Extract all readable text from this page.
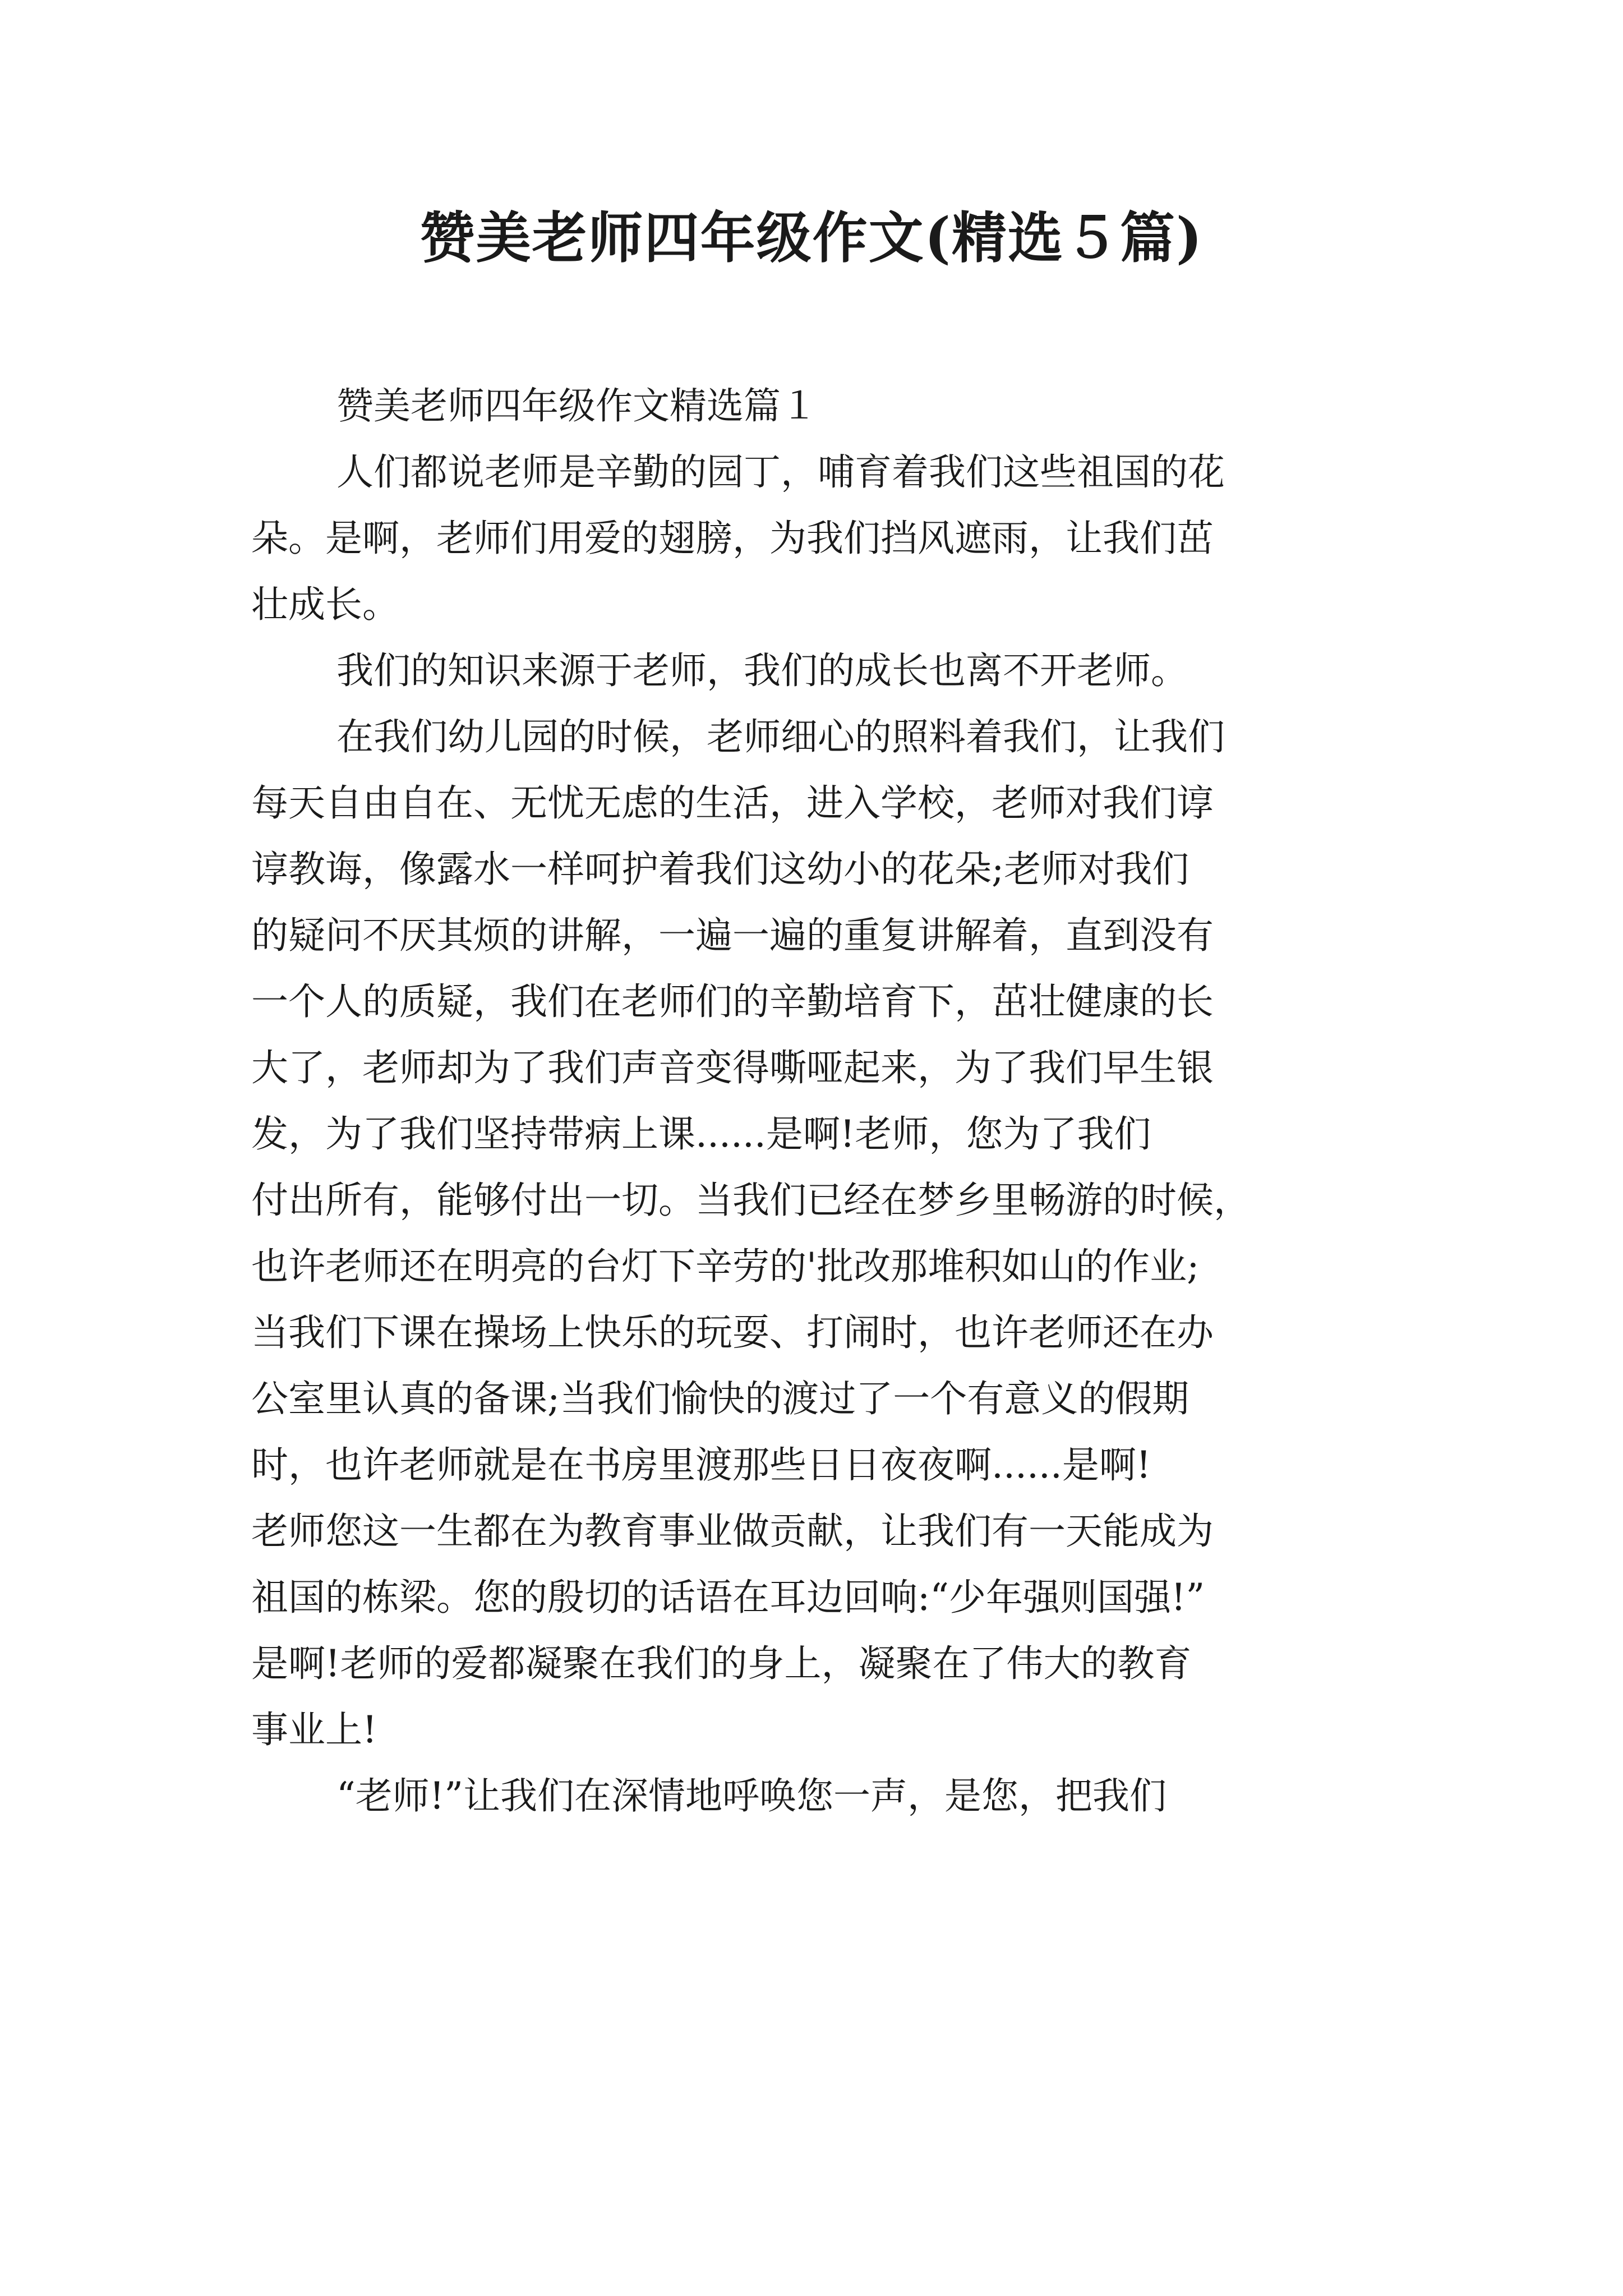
赞美老师四年级作文(精选５篇)

赞美老师四年级作文精选篇１

人们都说老师是辛勤的园丁，哺育着我们这些祖国的花
朵。是啊，老师们用爱的翅膀，为我们挡风遮雨，让我们茁
壮成长。

我们的知识来源于老师，我们的成长也离不开老师。

在我们幼儿园的时候，老师细心的照料着我们，让我们
每天自由自在、无忧无虑的生活，进入学校，老师对我们谆
谆教诲，像露水一样呵护着我们这幼小的花朵;老师对我们
的疑问不厌其烦的讲解，一遍一遍的重复讲解着，直到没有
一个人的质疑，我们在老师们的辛勤培育下，茁壮健康的长
大了，老师却为了我们声音变得嘶哑起来，为了我们早生银
发，为了我们坚持带病上课......是啊!老师，您为了我们
付出所有，能够付出一切。当我们已经在梦乡里畅游的时候，
也许老师还在明亮的台灯下辛劳的'批改那堆积如山的作业;
当我们下课在操场上快乐的玩耍、打闹时，也许老师还在办
公室里认真的备课;当我们愉快的渡过了一个有意义的假期
时，也许老师就是在书房里渡那些日日夜夜啊......是啊!
老师您这一生都在为教育事业做贡献，让我们有一天能成为
祖国的栋梁。您的殷切的话语在耳边回响:“少年强则国强!”
是啊!老师的爱都凝聚在我们的身上，凝聚在了伟大的教育
事业上!

“老师!”让我们在深情地呼唤您一声，是您，把我们
